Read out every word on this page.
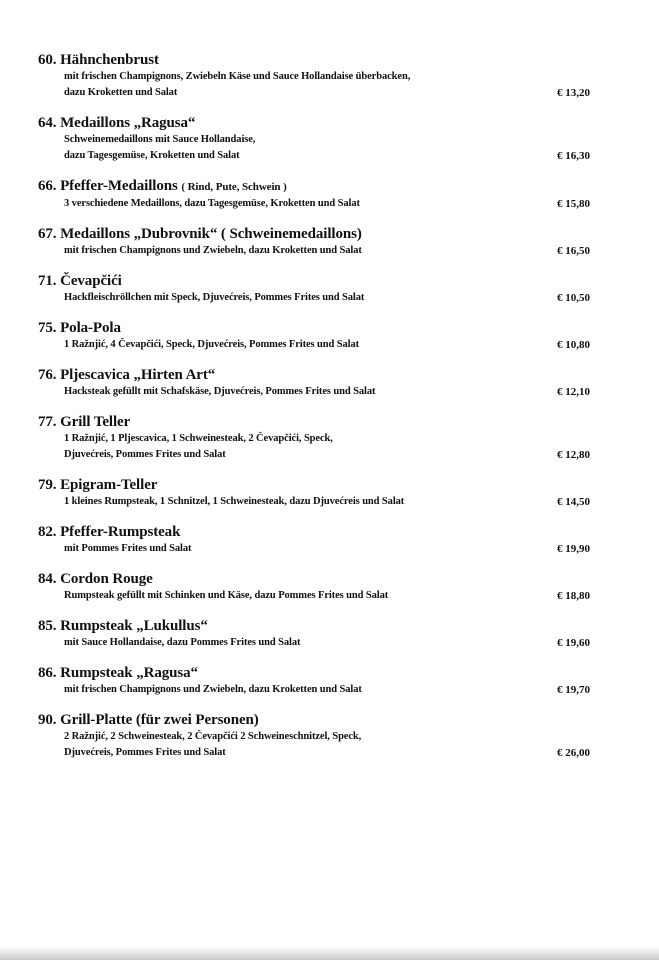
60. Hähnchenbrust
mit frischen Champignons, Zwiebeln Käse und Sauce Hollandaise überbacken,
dazu Kroketten und Salat	€ 13,20
64. Medaillons „Ragusa“
Schweinemedaillons mit Sauce Hollandaise,
dazu Tagesgemüse, Kroketten und Salat	€ 16,30
66. Pfeffer-Medaillons ( Rind, Pute, Schwein )
3 verschiedene Medaillons, dazu Tagesgemüse, Kroketten und Salat	€ 15,80
67. Medaillons „Dubrovnik“ ( Schweinemedaillons)
mit frischen Champignons und Zwiebeln, dazu Kroketten und Salat	€ 16,50
71. Čevapčići
Hackfleischröllchen mit Speck, Djuvećreis, Pommes Frites und Salat	€ 10,50
75. Pola-Pola
1 Ražnjić, 4 Čevapčići, Speck, Djuvećreis, Pommes Frites und Salat	€ 10,80
76. Pljescavica „Hirten Art“
Hacksteak gefüllt mit Schafskäse, Djuvećreis, Pommes Frites und Salat	€ 12,10
77. Grill Teller
1 Ražnjić, 1 Pljescavica, 1 Schweinesteak, 2 Čevapčići, Speck,
Djuvećreis, Pommes Frites und Salat	€ 12,80
79. Epigram-Teller
1 kleines Rumpsteak, 1 Schnitzel, 1 Schweinesteak, dazu Djuvećreis und Salat	€ 14,50
82. Pfeffer-Rumpsteak
mit Pommes Frites und Salat	€ 19,90
84. Cordon Rouge
Rumpsteak gefüllt mit Schinken und Käse, dazu Pommes Frites und Salat	€ 18,80
85. Rumpsteak „Lukullus“
mit Sauce Hollandaise, dazu Pommes Frites und Salat	€ 19,60
86. Rumpsteak „Ragusa“
mit frischen Champignons und Zwiebeln, dazu Kroketten und Salat	€ 19,70
90. Grill-Platte (für zwei Personen)
2 Ražnjić, 2 Schweinesteak, 2 Čevapčići 2 Schweineschnitzel, Speck,
Djuvećreis, Pommes Frites und Salat	€ 26,00
